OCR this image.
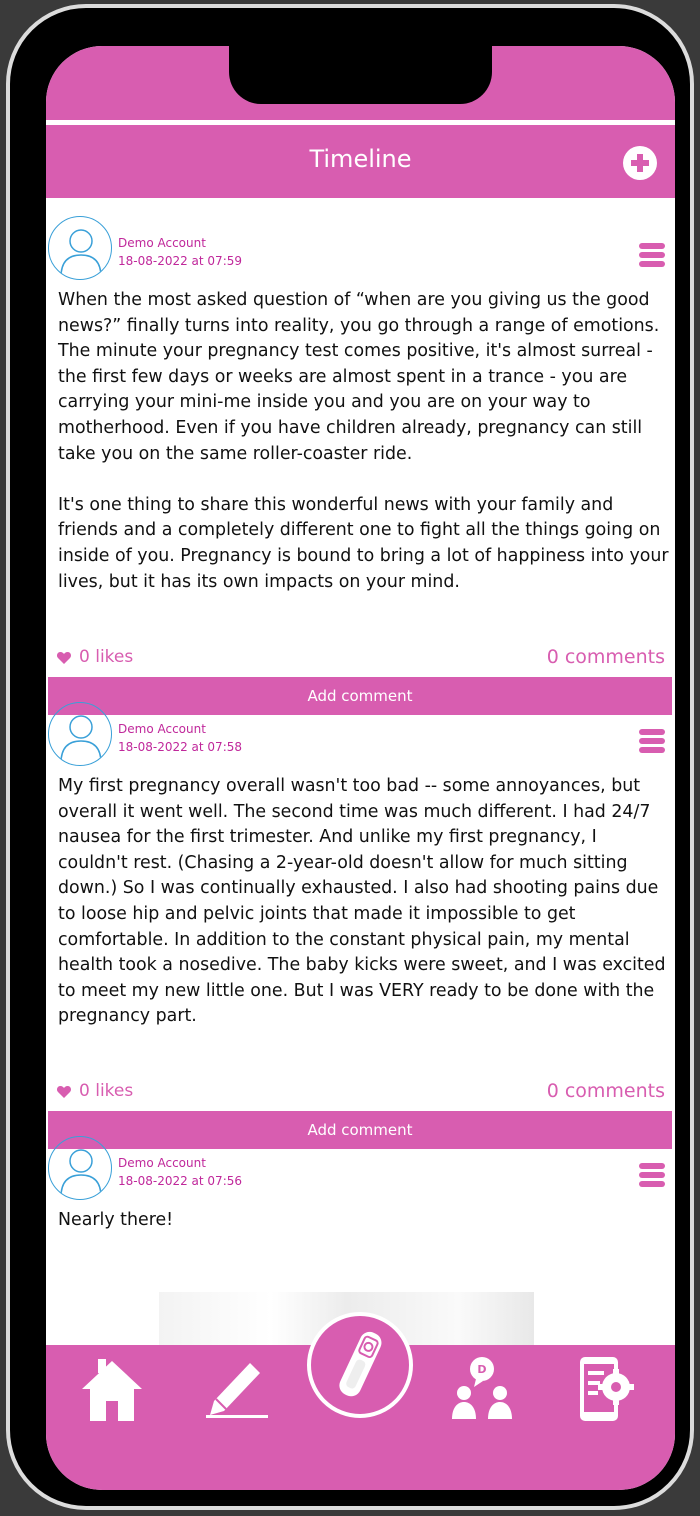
Timeline
Demo Account
18-08-2022 at 07:59
When the most asked question of “when are you giving us the good news?” finally turns into reality, you go through a range of emotions. The minute your pregnancy test comes positive, it's almost surreal - the first few days or weeks are almost spent in a trance - you are carrying your mini-me inside you and you are on your way to motherhood. Even if you have children already, pregnancy can still take you on the same roller-coaster ride.

It's one thing to share this wonderful news with your family and friends and a completely different one to fight all the things going on inside of you. Pregnancy is bound to bring a lot of happiness into your lives, but it has its own impacts on your mind.
0 likes	0 comments
Add comment
Demo Account
18-08-2022 at 07:58
My first pregnancy overall wasn't too bad -- some annoyances, but overall it went well. The second time was much different. I had 24/7 nausea for the first trimester. And unlike my first pregnancy, I couldn't rest. (Chasing a 2-year-old doesn't allow for much sitting down.) So I was continually exhausted. I also had shooting pains due to loose hip and pelvic joints that made it impossible to get comfortable. In addition to the constant physical pain, my mental health took a nosedive. The baby kicks were sweet, and I was excited to meet my new little one. But I was VERY ready to be done with the pregnancy part.
0 likes	0 comments
Add comment
Demo Account
18-08-2022 at 07:56
Nearly there!
D
